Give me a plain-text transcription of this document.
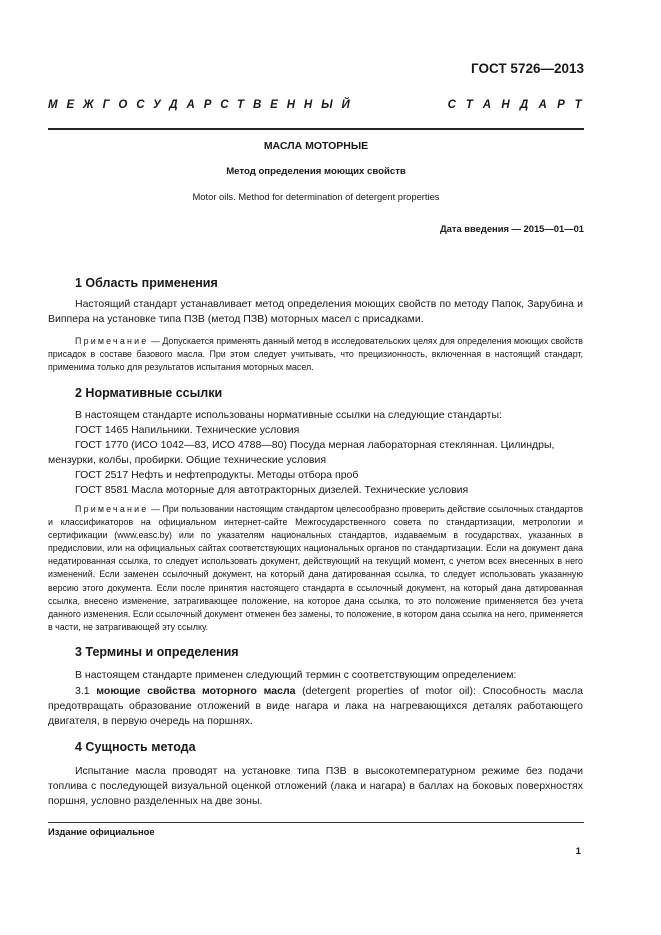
ГОСТ 5726—2013
МЕЖГОСУДАРСТВЕННЫЙ	СТАНДАРТ
МАСЛА МОТОРНЫЕ
Метод определения моющих свойств
Motor oils. Method for determination of detergent properties
Дата введения — 2015—01—01
1 Область применения
Настоящий стандарт устанавливает метод определения моющих свойств по методу Папок, Зарубина и Виппера на установке типа ПЗВ (метод ПЗВ) моторных масел с присадками.
Примечание — Допускается применять данный метод в исследовательских целях для определения моющих свойств присадок в составе базового масла. При этом следует учитывать, что прецизионность, включенная в настоящий стандарт, применима только для результатов испытания моторных масел.
2 Нормативные ссылки
В настоящем стандарте использованы нормативные ссылки на следующие стандарты:
ГОСТ 1465 Напильники. Технические условия
ГОСТ 1770 (ИСО 1042—83, ИСО 4788—80) Посуда мерная лабораторная стеклянная. Цилиндры,
мензурки, колбы, пробирки. Общие технические условия
ГОСТ 2517 Нефть и нефтепродукты. Методы отбора проб
ГОСТ 8581 Масла моторные для автотракторных дизелей. Технические условия
Примечание — При пользовании настоящим стандартом целесообразно проверить действие ссылочных стандартов и классификаторов на официальном интернет-сайте Межгосударственного совета по стандартизации, метрологии и сертификации (www.easc.by) или по указателям национальных стандартов, издаваемым в государствах, указанных в предисловии, или на официальных сайтах соответствующих национальных органов по стандартизации. Если на документ дана недатированная ссылка, то следует использовать документ, действующий на текущий момент, с учетом всех внесенных в него изменений. Если заменен ссылочный документ, на который дана датированная ссылка, то следует использовать указанную версию этого документа. Если после принятия настоящего стандарта в ссылочный документ, на который дана датированная ссылка, внесено изменение, затрагивающее положение, на которое дана ссылка, то это положение применяется без учета данного изменения. Если ссылочный документ отменен без замены, то положение, в котором дана ссылка на него, применяется в части, не затрагивающей эту ссылку.
3 Термины и определения
В настоящем стандарте применен следующий термин с соответствующим определением:
3.1 моющие свойства моторного масла (detergent properties of motor oil): Способность масла предотвращать образование отложений в виде нагара и лака на нагревающихся деталях работающего двигателя, в первую очередь на поршнях.
4 Сущность метода
Испытание масла проводят на установке типа ПЗВ в высокотемпературном режиме без подачи топлива с последующей визуальной оценкой отложений (лака и нагара) в баллах на боковых поверхностях поршня, условно разделенных на две зоны.
Издание официальное
1
